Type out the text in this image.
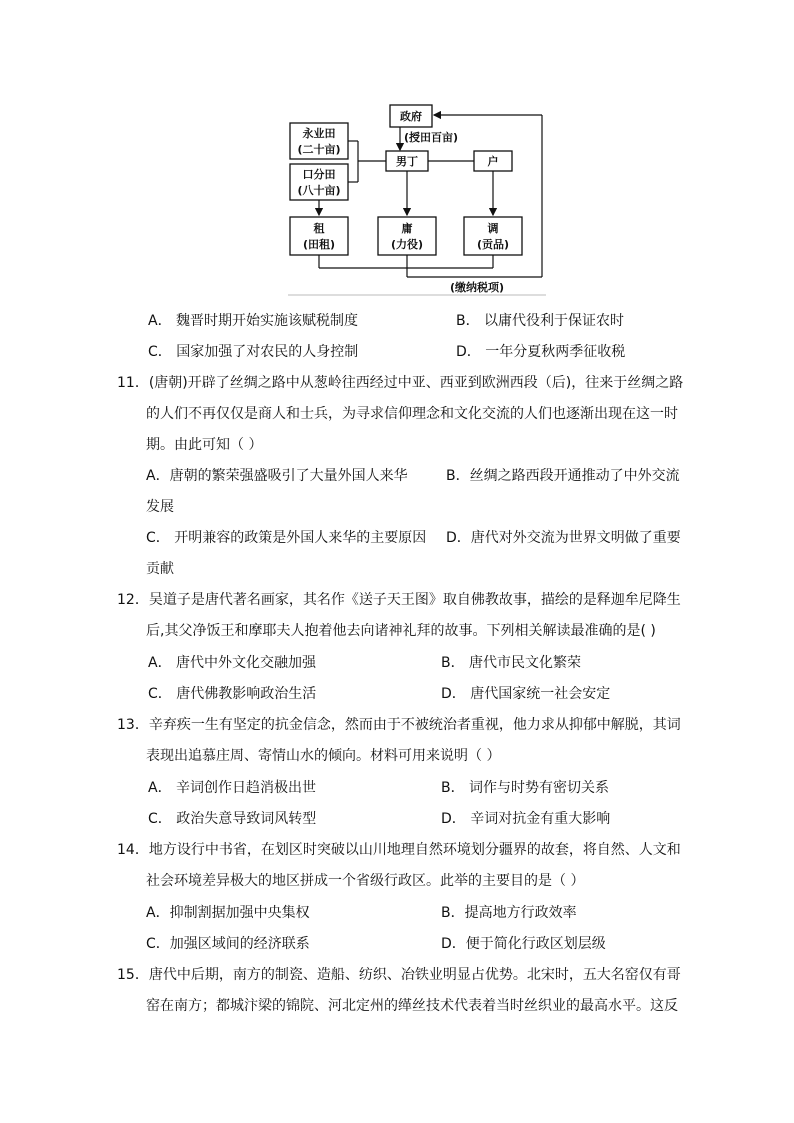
政府
(授田百亩)
永业田
(二十亩)
口分田
(八十亩)
男丁	户
租
(田租)
庸
(力役)
调
(贡品)
(缴纳税项)
A． 魏晋时期开始实施该赋税制度	B． 以庸代役利于保证农时
C． 国家加强了对农民的人身控制	D． 一年分夏秋两季征收税
11．(唐朝)开辟了丝绸之路中从葱岭往西经过中亚、西亚到欧洲西段（后)，往来于丝绸之路
的人们不再仅仅是商人和士兵，为寻求信仰理念和文化交流的人们也逐渐出现在这一时
期。由此可知（ ）
A．唐朝的繁荣强盛吸引了大量外国人来华	B．丝绸之路西段开通推动了中外交流
发展
C． 开明兼容的政策是外国人来华的主要原因 D．唐代对外交流为世界文明做了重要
贡献
12．吴道子是唐代著名画家，其名作《送子天王图》取自佛教故事，描绘的是释迦牟尼降生
后,其父净饭王和摩耶夫人抱着他去向诸神礼拜的故事。下列相关解读最准确的是( )
A． 唐代中外文化交融加强	B． 唐代市民文化繁荣
C． 唐代佛教影响政治生活	D． 唐代国家统一社会安定
13．辛弃疾一生有坚定的抗金信念，然而由于不被统治者重视，他力求从抑郁中解脱，其词
表现出追慕庄周、寄情山水的倾向。材料可用来说明（ ）
A． 辛词创作日趋消极出世	B． 词作与时势有密切关系
C． 政治失意导致词风转型	D． 辛词对抗金有重大影响
14．地方设行中书省，在划区时突破以山川地理自然环境划分疆界的故套，将自然、人文和
社会环境差异极大的地区拼成一个省级行政区。此举的主要目的是（ ）
A．抑制割据加强中央集权	B．提高地方行政效率
C．加强区域间的经济联系	D．便于简化行政区划层级
15．唐代中后期，南方的制瓷、造船、纺织、冶铁业明显占优势。北宋时，五大名窑仅有哥
窑在南方；都城汴梁的锦院、河北定州的缂丝技术代表着当时丝织业的最高水平。这反
